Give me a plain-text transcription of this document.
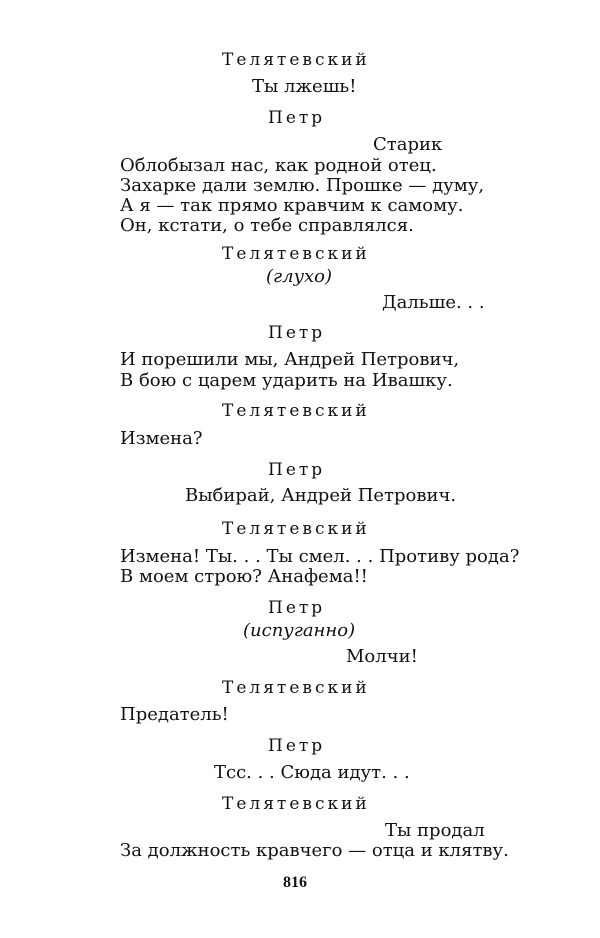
Телятевский

Ты лжешь!

Петр

Старик

Облобызал нас, как родной отец.

Захарке дали землю. Прошке — думу,

А я — так прямо кравчим к самому.

Он, кстати, о тебе справлялся.

Телятевский

(глухо)

Дальше. . .

Петр

И порешили мы, Андрей Петрович,

В бою с царем ударить на Ивашку.

Телятевский

Измена?

Петр

Выбирай, Андрей Петрович.

Телятевский

Измена! Ты. . . Ты смел. . . Противу рода?

В моем строю? Анафема!!

Петр

(испуганно)

Молчи!

Телятевский

Предатель!

Петр

Тсс. . . Сюда идут. . .

Телятевский

Ты продал

За должность кравчего — отца и клятву.

816
